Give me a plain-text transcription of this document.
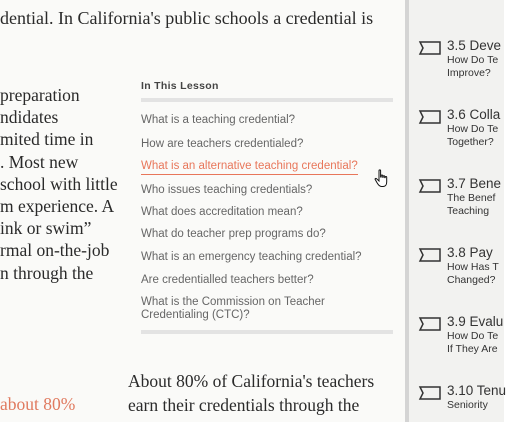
dential. In California's public schools a credential is
preparation
ndidates
mited time in
. Most new
school with little
m experience. A
ink or swim”
rmal on-the-job
n through the
In This Lesson
What is a teaching credential?
How are teachers credentialed?
What is an alternative teaching credential?
Who issues teaching credentials?
What does accreditation mean?
What do teacher prep programs do?
What is an emergency teaching credential?
Are credentialled teachers better?
What is the Commission on Teacher
Credentialing (CTC)?
About 80% of California's teachers
earn their credentials through the
about 80%
3.5 Deve
How Do Te
Improve?
3.6 Colla
How Do Te
Together?
3.7 Bene
The Benef
Teaching
3.8 Pay
How Has T
Changed?
3.9 Evalu
How Do Te
If They Are
3.10 Tenu
Seniority
